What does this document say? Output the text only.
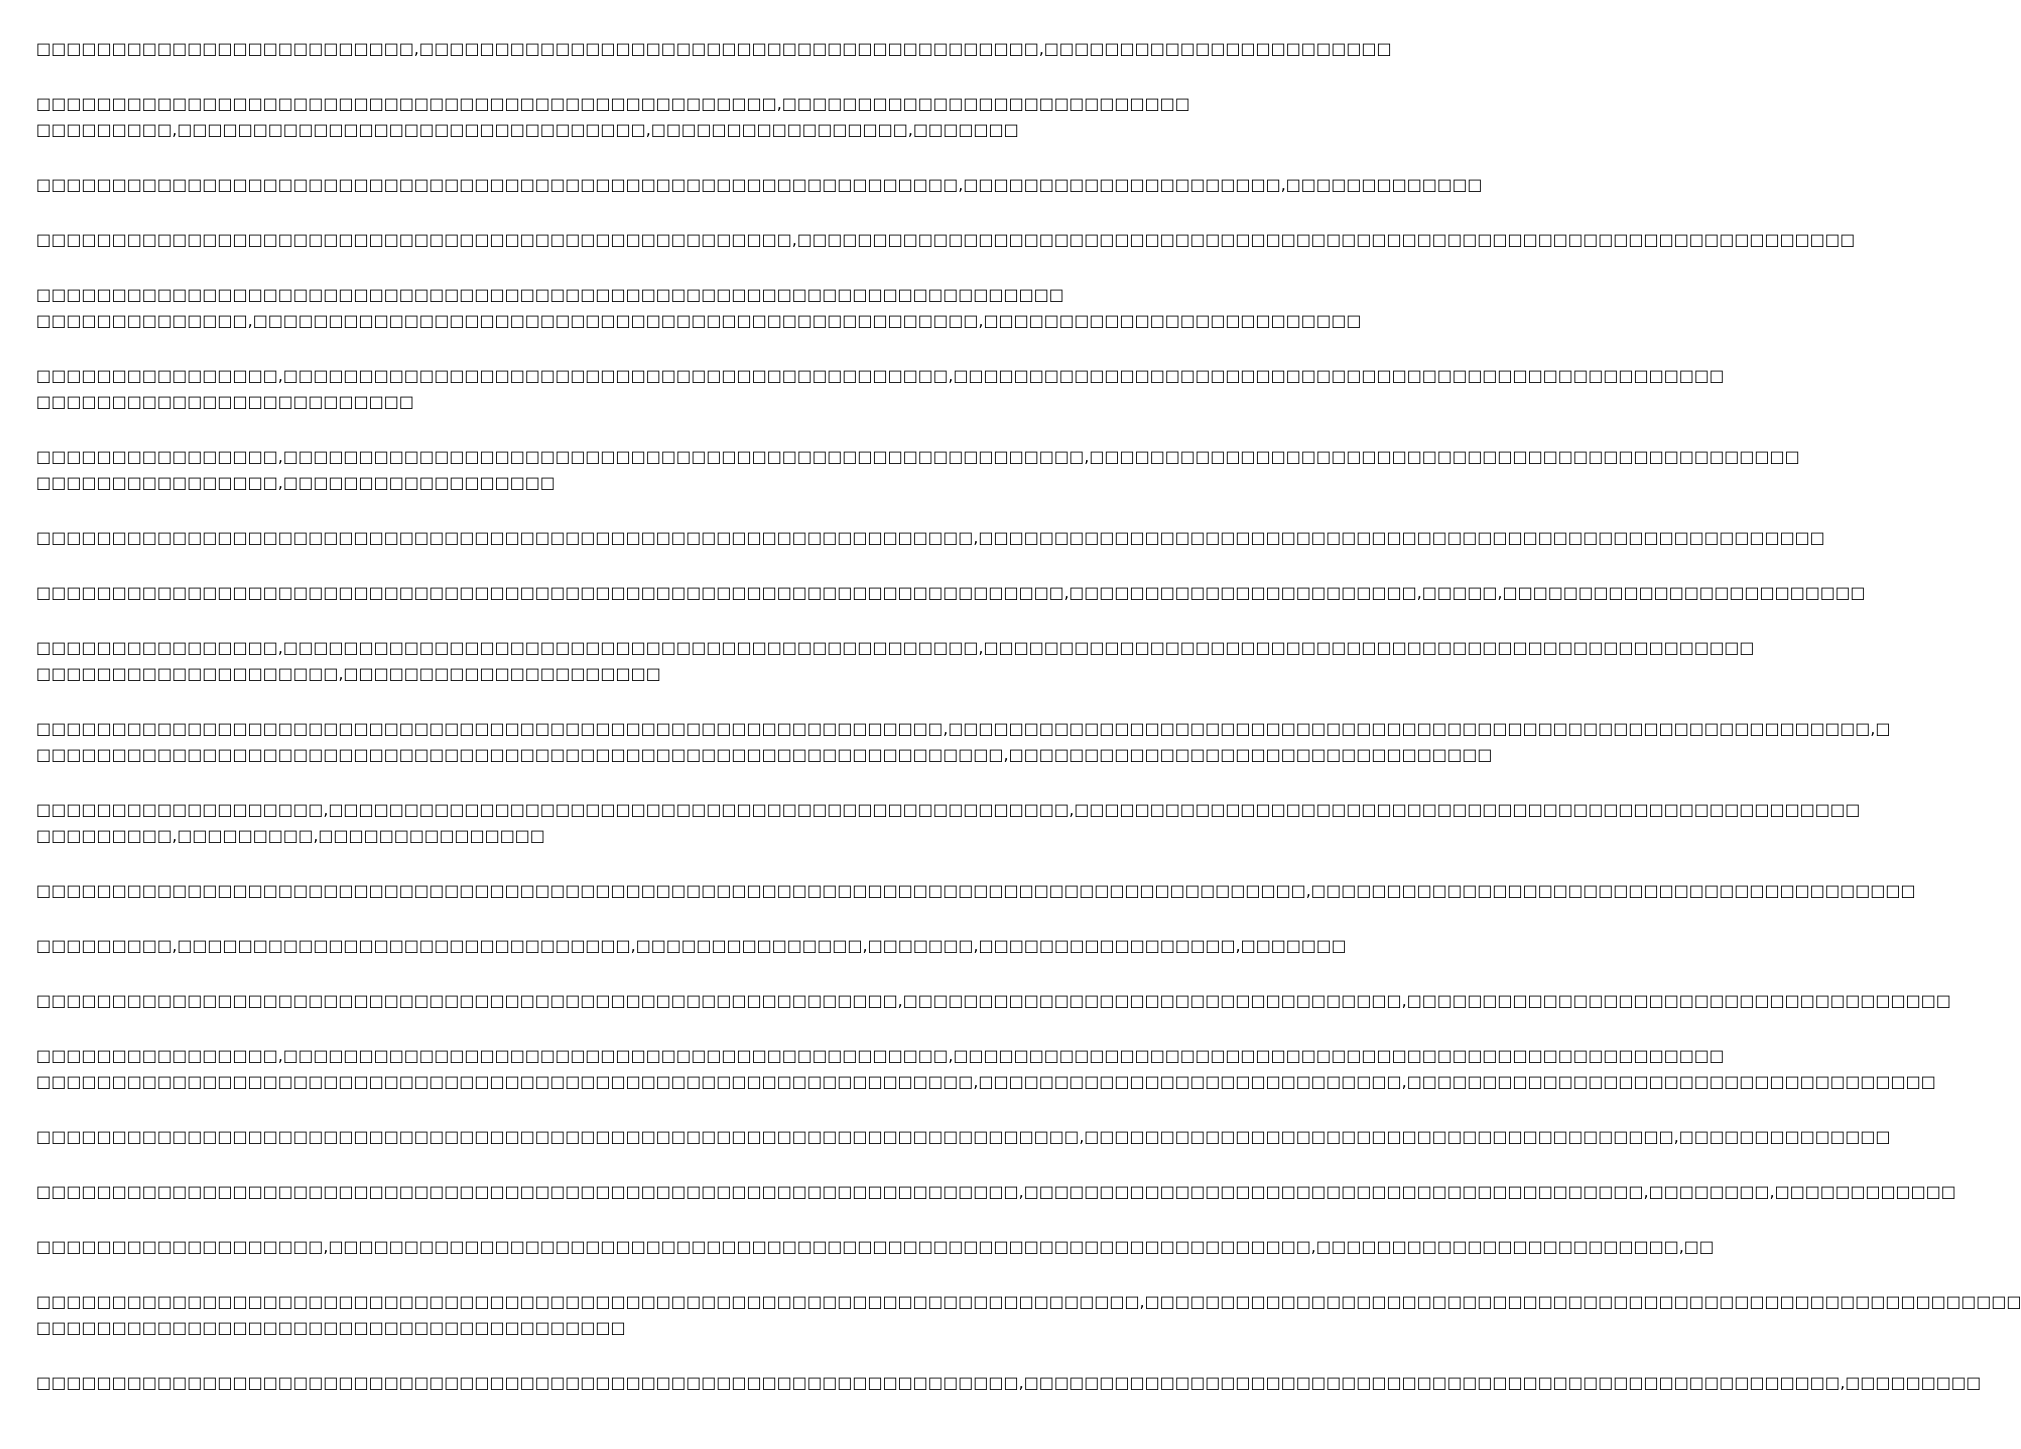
□□□□□□□□□□□□□□□□□□□□□□□□□,□□□□□□□□□□□□□□□□□□□□□□□□□□□□□□□□□□□□□□□□□,□□□□□□□□□□□□□□□□□□□□□□□

□□□□□□□□□□□□□□□□□□□□□□□□□□□□□□□□□□□□□□□□□□□□□□□□□,□□□□□□□□□□□□□□□□□□□□□□□□□□□
□□□□□□□□□,□□□□□□□□□□□□□□□□□□□□□□□□□□□□□□□,□□□□□□□□□□□□□□□□□,□□□□□□□

□□□□□□□□□□□□□□□□□□□□□□□□□□□□□□□□□□□□□□□□□□□□□□□□□□□□□□□□□□□□□,□□□□□□□□□□□□□□□□□□□□□,□□□□□□□□□□□□□

□□□□□□□□□□□□□□□□□□□□□□□□□□□□□□□□□□□□□□□□□□□□□□□□□□,□□□□□□□□□□□□□□□□□□□□□□□□□□□□□□□□□□□□□□□□□□□□□□□□□□□□□□□□□□□□□□□□□□□□□□

□□□□□□□□□□□□□□□□□□□□□□□□□□□□□□□□□□□□□□□□□□□□□□□□□□□□□□□□□□□□□□□□□□□□
□□□□□□□□□□□□□□,□□□□□□□□□□□□□□□□□□□□□□□□□□□□□□□□□□□□□□□□□□□□□□□□,□□□□□□□□□□□□□□□□□□□□□□□□□

□□□□□□□□□□□□□□□□,□□□□□□□□□□□□□□□□□□□□□□□□□□□□□□□□□□□□□□□□□□□□,□□□□□□□□□□□□□□□□□□□□□□□□□□□□□□□□□□□□□□□□□□□□□□□□□□□
□□□□□□□□□□□□□□□□□□□□□□□□□

□□□□□□□□□□□□□□□□,□□□□□□□□□□□□□□□□□□□□□□□□□□□□□□□□□□□□□□□□□□□□□□□□□□□□□,□□□□□□□□□□□□□□□□□□□□□□□□□□□□□□□□□□□□□□□□□□□□□□□
□□□□□□□□□□□□□□□□,□□□□□□□□□□□□□□□□□□

□□□□□□□□□□□□□□□□□□□□□□□□□□□□□□□□□□□□□□□□□□□□□□□□□□□□□□□□□□□□□□,□□□□□□□□□□□□□□□□□□□□□□□□□□□□□□□□□□□□□□□□□□□□□□□□□□□□□□□□

□□□□□□□□□□□□□□□□□□□□□□□□□□□□□□□□□□□□□□□□□□□□□□□□□□□□□□□□□□□□□□□□□□□□,□□□□□□□□□□□□□□□□□□□□□□□,□□□□□,□□□□□□□□□□□□□□□□□□□□□□□□

□□□□□□□□□□□□□□□□,□□□□□□□□□□□□□□□□□□□□□□□□□□□□□□□□□□□□□□□□□□□□□□,□□□□□□□□□□□□□□□□□□□□□□□□□□□□□□□□□□□□□□□□□□□□□□□□□□□
□□□□□□□□□□□□□□□□□□□□,□□□□□□□□□□□□□□□□□□□□□

□□□□□□□□□□□□□□□□□□□□□□□□□□□□□□□□□□□□□□□□□□□□□□□□□□□□□□□□□□□□,□□□□□□□□□□□□□□□□□□□□□□□□□□□□□□□□□□□□□□□□□□□□□□□□□□□□□□□□□□□□□,□
□□□□□□□□□□□□□□□□□□□□□□□□□□□□□□□□□□□□□□□□□□□□□□□□□□□□□□□□□□□□□□□□,□□□□□□□□□□□□□□□□□□□□□□□□□□□□□□□□

□□□□□□□□□□□□□□□□□□□,□□□□□□□□□□□□□□□□□□□□□□□□□□□□□□□□□□□□□□□□□□□□□□□□□,□□□□□□□□□□□□□□□□□□□□□□□□□□□□□□□□□□□□□□□□□□□□□□□□□□□□
□□□□□□□□□,□□□□□□□□□,□□□□□□□□□□□□□□□

□□□□□□□□□□□□□□□□□□□□□□□□□□□□□□□□□□□□□□□□□□□□□□□□□□□□□□□□□□□□□□□□□□□□□□□□□□□□□□□□□□□□,□□□□□□□□□□□□□□□□□□□□□□□□□□□□□□□□□□□□□□□□

□□□□□□□□□,□□□□□□□□□□□□□□□□□□□□□□□□□□□□□□,□□□□□□□□□□□□□□□,□□□□□□□,□□□□□□□□□□□□□□□□□,□□□□□□□

□□□□□□□□□□□□□□□□□□□□□□□□□□□□□□□□□□□□□□□□□□□□□□□□□□□□□□□□□,□□□□□□□□□□□□□□□□□□□□□□□□□□□□□□□□□,□□□□□□□□□□□□□□□□□□□□□□□□□□□□□□□□□□□□

□□□□□□□□□□□□□□□□,□□□□□□□□□□□□□□□□□□□□□□□□□□□□□□□□□□□□□□□□□□□□,□□□□□□□□□□□□□□□□□□□□□□□□□□□□□□□□□□□□□□□□□□□□□□□□□□□
□□□□□□□□□□□□□□□□□□□□□□□□□□□□□□□□□□□□□□□□□□□□□□□□□□□□□□□□□□□□□□,□□□□□□□□□□□□□□□□□□□□□□□□□□□□,□□□□□□□□□□□□□□□□□□□□□□□□□□□□□□□□□□□

□□□□□□□□□□□□□□□□□□□□□□□□□□□□□□□□□□□□□□□□□□□□□□□□□□□□□□□□□□□□□□□□□□□□□,□□□□□□□□□□□□□□□□□□□□□□□□□□□□□□□□□□□□□□□,□□□□□□□□□□□□□□

□□□□□□□□□□□□□□□□□□□□□□□□□□□□□□□□□□□□□□□□□□□□□□□□□□□□□□□□□□□□□□□□□,□□□□□□□□□□□□□□□□□□□□□□□□□□□□□□□□□□□□□□□□□,□□□□□□□□,□□□□□□□□□□□□

□□□□□□□□□□□□□□□□□□□,□□□□□□□□□□□□□□□□□□□□□□□□□□□□□□□□□□□□□□□□□□□□□□□□□□□□□□□□□□□□□□□□□,□□□□□□□□□□□□□□□□□□□□□□□□,□□

□□□□□□□□□□□□□□□□□□□□□□□□□□□□□□□□□□□□□□□□□□□□□□□□□□□□□□□□□□□□□□□□□□□□□□□□□,□□□□□□□□□□□□□□□□□□□□□□□□□□□□□□□□□□□□□□□□□□□□□□□□□□□□□□□□□□
□□□□□□□□□□□□□□□□□□□□□□□□□□□□□□□□□□□□□□□

□□□□□□□□□□□□□□□□□□□□□□□□□□□□□□□□□□□□□□□□□□□□□□□□□□□□□□□□□□□□□□□□□,□□□□□□□□□□□□□□□□□□□□□□□□□□□□□□□□□□□□□□□□□□□□□□□□□□□□□□,□□□□□□□□□
